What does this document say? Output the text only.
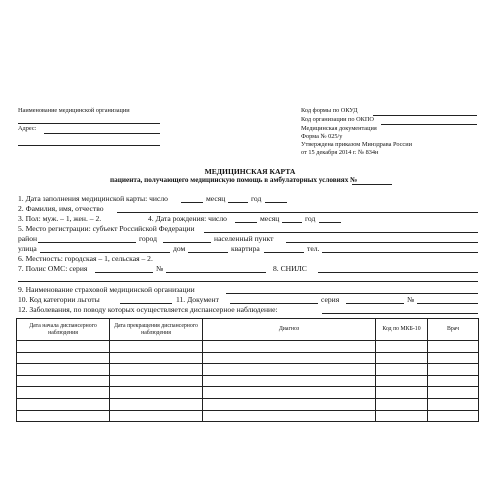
Наименование медицинской организации
Адрес:
Код формы по ОКУД
Код организации по ОКПО
Медицинская документация
Форма № 025/у
Утверждена приказом Минздрава России
от 15 декабря 2014 г. № 834н
МЕДИЦИНСКАЯ КАРТА
пациента, получающего медицинскую помощь в амбулаторных условиях №
1. Дата заполнения медицинской карты: число	месяц	год
2. Фамилия, имя, отчество
3. Пол: муж. – 1, жен. – 2.	4. Дата рождения: число	месяц	год
5. Место регистрации: субъект Российской Федерации
район	город	населенный пункт
улица	дом	квартира	тел.
6. Местность: городская – 1, сельская – 2.
7. Полис ОМС: серия	№	8. СНИЛС
9. Наименование страховой медицинской организации
10. Код категории льготы	11. Документ	серия	№
12. Заболевания, по поводу которых осуществляется диспансерное наблюдение:
Дата начала диспансерного наблюдения	Дата прекращения диспансерного наблюдения	Диагноз	Код по МКБ-10	Врач
